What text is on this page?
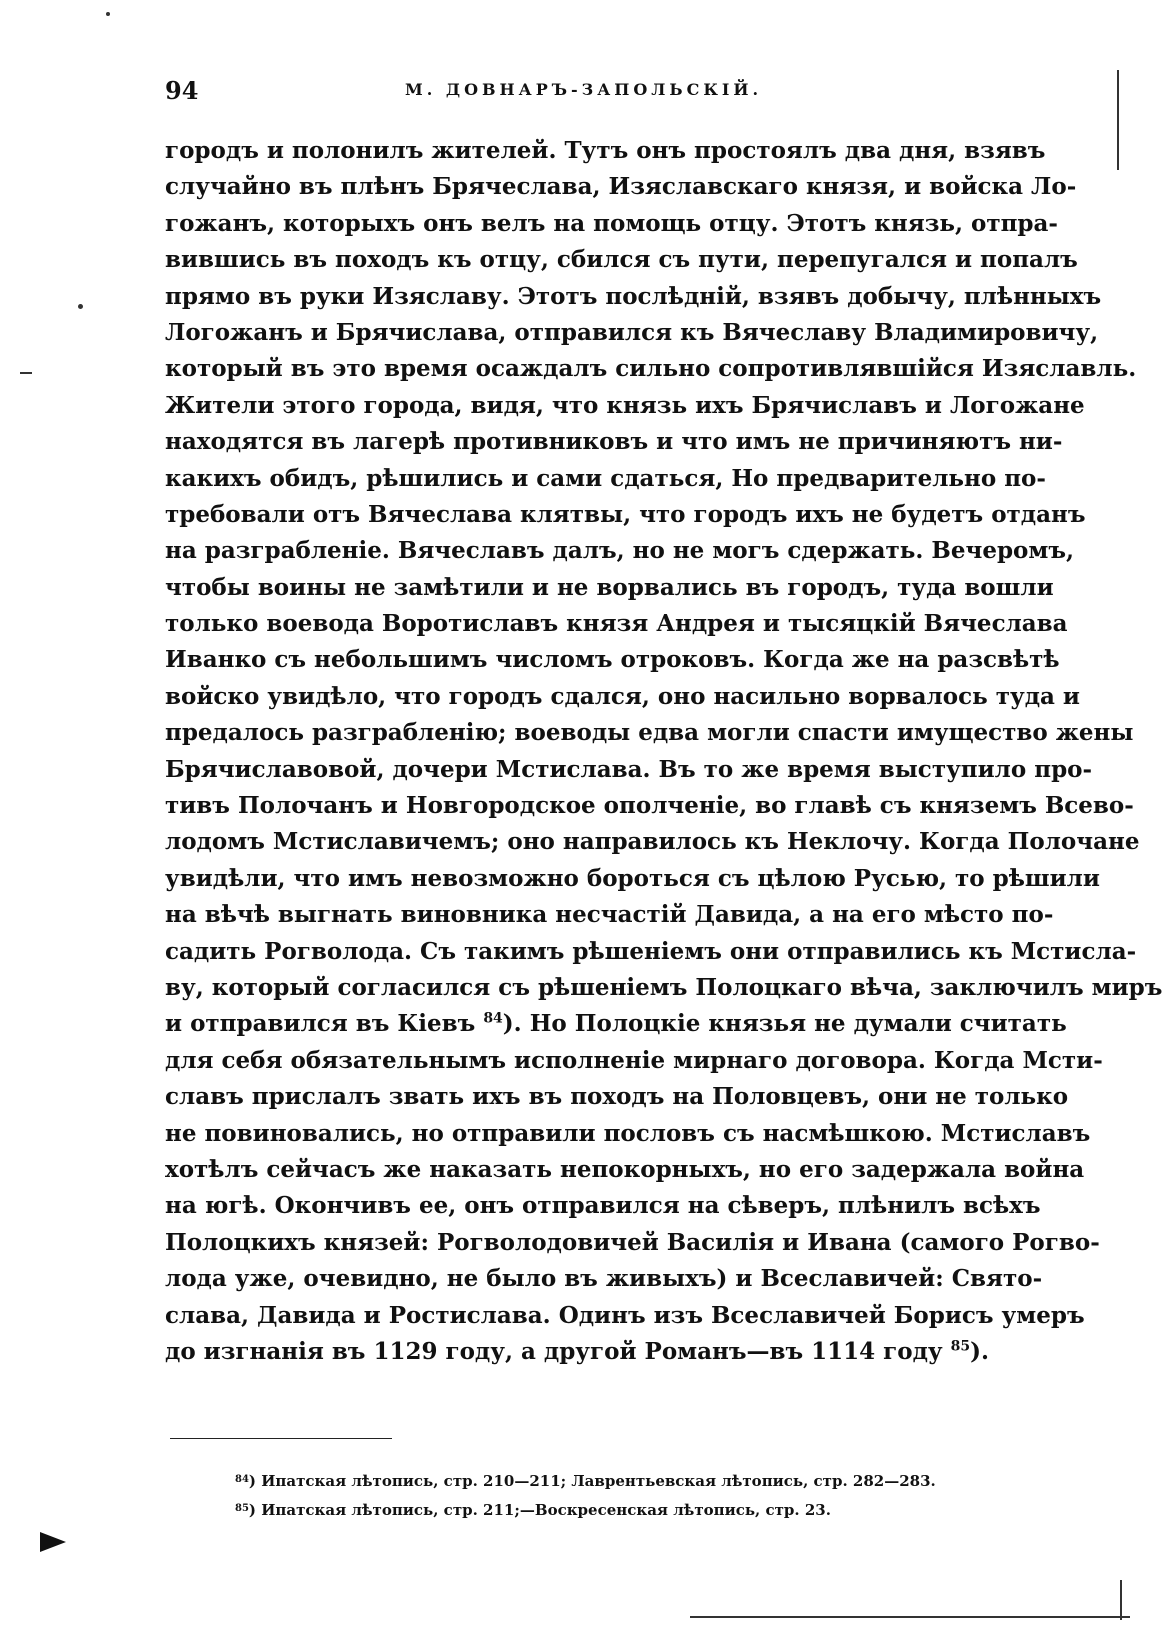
94	М. ДОВНАРЪ-ЗАПОЛЬСКIЙ.
городъ и полонилъ жителей. Тутъ онъ простоялъ два дня, взявъ
случайно въ плѣнъ Брячеслава, Изяславскаго князя, и войска Ло-
гожанъ, которыхъ онъ велъ на помощь отцу. Этотъ князь, отпра-
вившись въ походъ къ отцу, сбился съ пути, перепугался и попалъ
прямо въ руки Изяславу. Этотъ послѣднiй, взявъ добычу, плѣнныхъ
Логожанъ и Брячислава, отправился къ Вячеславу Владимировичу,
который въ это время осаждалъ сильно сопротивлявшiйся Изяславль.
Жители этого города, видя, что князь ихъ Брячиславъ и Логожане
находятся въ лагерѣ противниковъ и что имъ не причиняютъ ни-
какихъ обидъ, рѣшились и сами сдаться, Но предварительно по-
требовали отъ Вячеслава клятвы, что городъ ихъ не будетъ отданъ
на разграбленiе. Вячеславъ далъ, но не могъ сдержать. Вечеромъ,
чтобы воины не замѣтили и не ворвались въ городъ, туда вошли
только воевода Воротиславъ князя Андрея и тысяцкiй Вячеслава
Иванко съ небольшимъ числомъ отроковъ. Когда же на разсвѣтѣ
войско увидѣло, что городъ сдался, оно насильно ворвалось туда и
предалось разграбленiю; воеводы едва могли спасти имущество жены
Брячиславовой, дочери Мстислава. Въ то же время выступило про-
тивъ Полочанъ и Новгородское ополченiе, во главѣ съ княземъ Всево-
лодомъ Мстиславичемъ; оно направилось къ Неклочу. Когда Полочане
увидѣли, что имъ невозможно бороться съ цѣлою Русью, то рѣшили
на вѣчѣ выгнать виновника несчастiй Давида, а на его мѣсто по-
садить Рогволода. Съ такимъ рѣшенiемъ они отправились къ Мстисла-
ву, который согласился съ рѣшенiемъ Полоцкаго вѣча, заключилъ миръ
и отправился въ Кiевъ $^{84}$). Но Полоцкiе князья не думали считать
для себя обязательнымъ исполненiе мирнаго договора. Когда Мсти-
славъ прислалъ звать ихъ въ походъ на Половцевъ, они не только
не повиновались, но отправили пословъ съ насмѣшкою. Мстиславъ
хотѣлъ сейчасъ же наказать непокорныхъ, но его задержала война
на югѣ. Окончивъ ее, онъ отправился на сѣверъ, плѣнилъ всѣхъ
Полоцкихъ князей: Рогволодовичей Василiя и Ивана (самого Рогво-
лода уже, очевидно, не было въ живыхъ) и Всеславичей: Свято-
слава, Давида и Ростислава. Одинъ изъ Всеславичей Борисъ умеръ
до изгнанiя въ 1129 году, а другой Романъ—въ 1114 году $^{85}$).
$^{84}$) Ипатская лѣтопись, стр. 210—211; Лаврентьевская лѣтопись, стр. 282—283.
$^{85}$) Ипатская лѣтопись, стр. 211;—Воскресенская лѣтопись, стр. 23.
